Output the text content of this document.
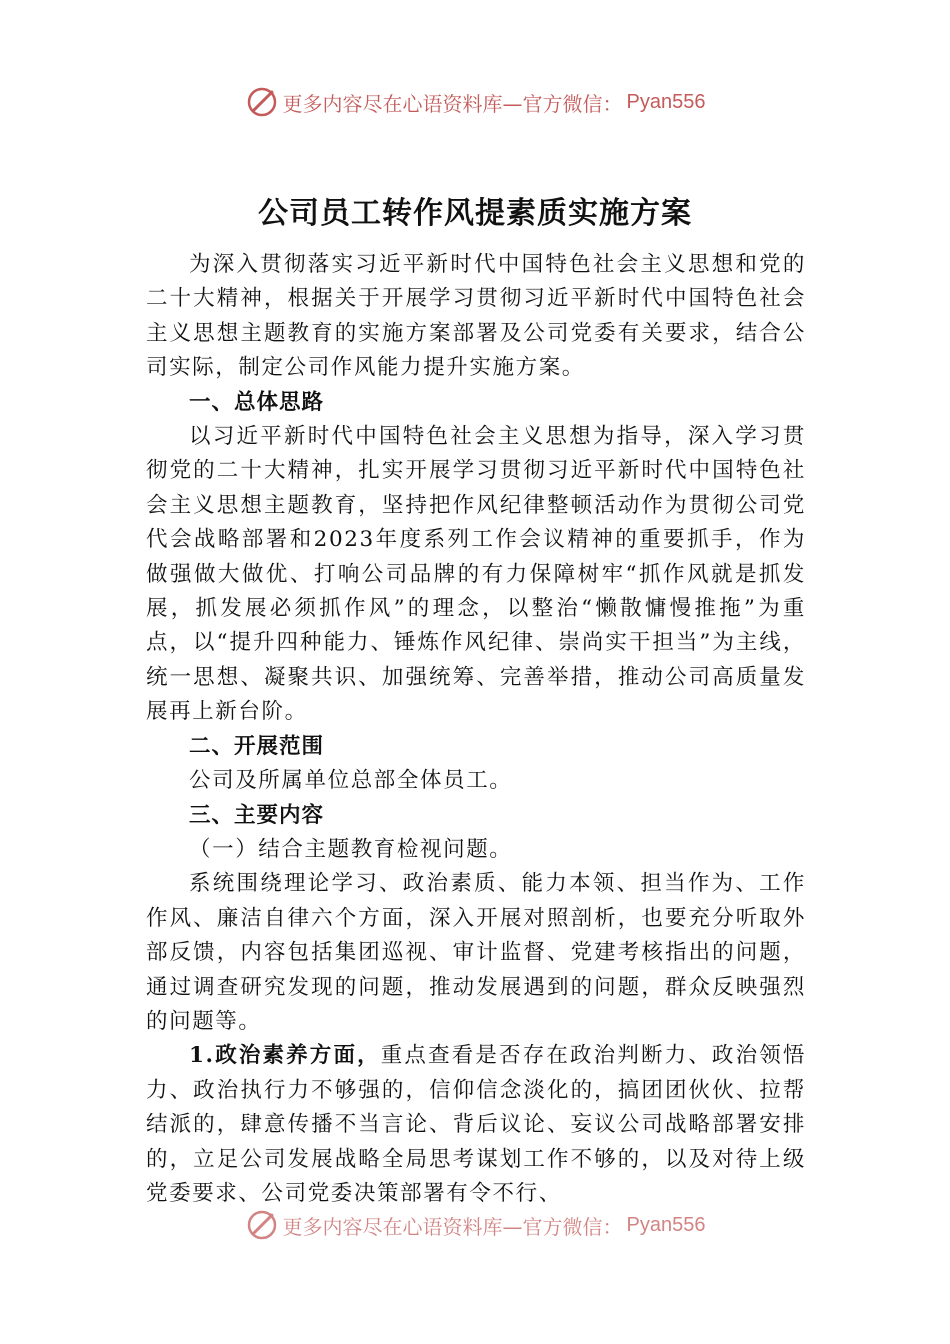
更多内容尽在心语资料库—官方微信： Pyan556
公司员工转作风提素质实施方案

为深入贯彻落实习近平新时代中国特色社会主义思想和党的二十大精神，根据关于开展学习贯彻习近平新时代中国特色社会主义思想主题教育的实施方案部署及公司党委有关要求，结合公司实际，制定公司作风能力提升实施方案。

一、总体思路

以习近平新时代中国特色社会主义思想为指导，深入学习贯彻党的二十大精神，扎实开展学习贯彻习近平新时代中国特色社会主义思想主题教育，坚持把作风纪律整顿活动作为贯彻公司党代会战略部署和2023年度系列工作会议精神的重要抓手，作为做强做大做优、打响公司品牌的有力保障树牢“抓作风就是抓发展，抓发展必须抓作风”的理念，以整治“懒散慵慢推拖”为重点，以“提升四种能力、锤炼作风纪律、崇尚实干担当”为主线，统一思想、凝聚共识、加强统筹、完善举措，推动公司高质量发展再上新台阶。

二、开展范围

公司及所属单位总部全体员工。

三、主要内容
（一）结合主题教育检视问题。

系统围绕理论学习、政治素质、能力本领、担当作为、工作作风、廉洁自律六个方面，深入开展对照剖析，也要充分听取外部反馈，内容包括集团巡视、审计监督、党建考核指出的问题，通过调查研究发现的问题，推动发展遇到的问题，群众反映强烈的问题等。

1.政治素养方面，重点查看是否存在政治判断力、政治领悟力、政治执行力不够强的，信仰信念淡化的，搞团团伙伙、拉帮结派的，肆意传播不当言论、背后议论、妄议公司战略部署安排的，立足公司发展战略全局思考谋划工作不够的，以及对待上级党委要求、公司党委决策部署有令不行、

更多内容尽在心语资料库—官方微信： Pyan556
